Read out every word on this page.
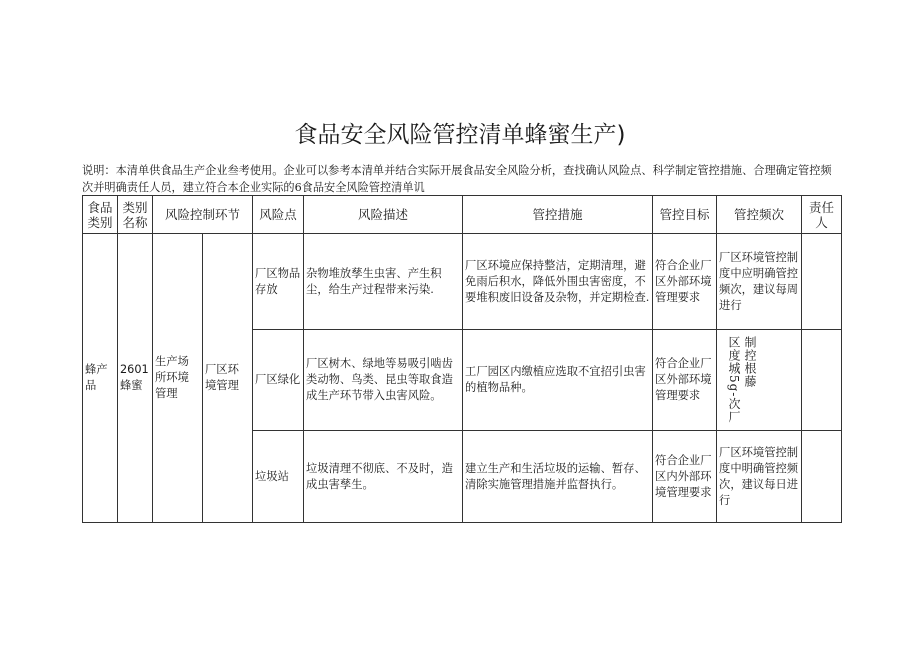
食品安全风险管控清单蜂蜜生产)
说明：本清单供食品生产企业叁考使用。企业可以参考本清单并结合实际开展食品安全风险分析，查找确认风险点、科学制定管控措施、合理确定管控频次并明确责任人员，建立符合本企业实际的6食品安全风险管控清单讥
食品类别	类别名称	风险控制环节		风险点	风险描述	管控措施	管控目标	管控频次	责任人
蜂产品	2601蜂蜜	生产场所环境管理	厂区环境管理	厂区物品存放	杂物堆放孳生虫害、产生积尘，给生产过程带来污染.	厂区环境应保持整洁，定期清理，避免雨后积水，降低外围虫害密度，不要堆积废旧设备及杂物，并定期检查.	符合企业厂区外部环境管理要求	厂区环境管控制度中应明确管控频次，建议每周进行	
				厂区绿化	厂区树木、绿地等易吸引啮齿类动物、鸟类、昆虫等取食造成生产环节带入虫害风险。	工厂园区内缴植应选取不宜招引虫害的植物品种。	符合企业厂区外部环境管理要求	区度城5g-次厂 制控根藤	

				垃圾站	垃圾清理不彻底、不及时，造成虫害孳生。	建立生产和生活垃圾的运输、暂存、清除实施管理措施并监督执行。	符合企业厂区内外部环境管理要求	厂区环境管控制度中明确管控频次，建议每日进行	
